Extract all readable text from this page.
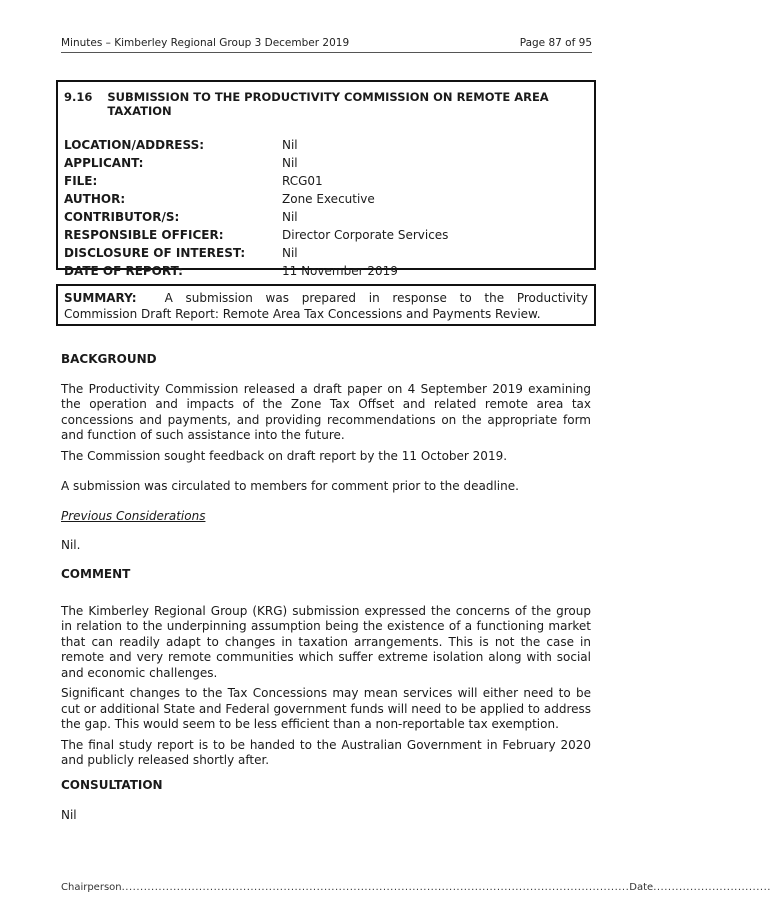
Minutes – Kimberley Regional Group 3 December 2019	Page 87 of 95
9.16	SUBMISSION TO THE PRODUCTIVITY COMMISSION ON REMOTE AREA TAXATION
LOCATION/ADDRESS:	Nil
APPLICANT:	Nil
FILE:	RCG01
AUTHOR:	Zone Executive
CONTRIBUTOR/S:	Nil
RESPONSIBLE OFFICER:	Director Corporate Services
DISCLOSURE OF INTEREST:	Nil
DATE OF REPORT:	11 November 2019
SUMMARY: A submission was prepared in response to the Productivity Commission Draft Report: Remote Area Tax Concessions and Payments Review.
BACKGROUND

The Productivity Commission released a draft paper on 4 September 2019 examining the operation and impacts of the Zone Tax Offset and related remote area tax concessions and payments, and providing recommendations on the appropriate form and function of such assistance into the future.

The Commission sought feedback on draft report by the 11 October 2019.

A submission was circulated to members for comment prior to the deadline.

Previous Considerations

Nil.

COMMENT

The Kimberley Regional Group (KRG) submission expressed the concerns of the group in relation to the underpinning assumption being the existence of a functioning market that can readily adapt to changes in taxation arrangements. This is not the case in remote and very remote communities which suffer extreme isolation along with social and economic challenges.

Significant changes to the Tax Concessions may mean services will either need to be cut or additional State and Federal government funds will need to be applied to address the gap. This would seem to be less efficient than a non-reportable tax exemption.

The final study report is to be handed to the Australian Government in February 2020 and publicly released shortly after.

CONSULTATION

Nil

Chairperson..........................................................................................................................................Date................................
